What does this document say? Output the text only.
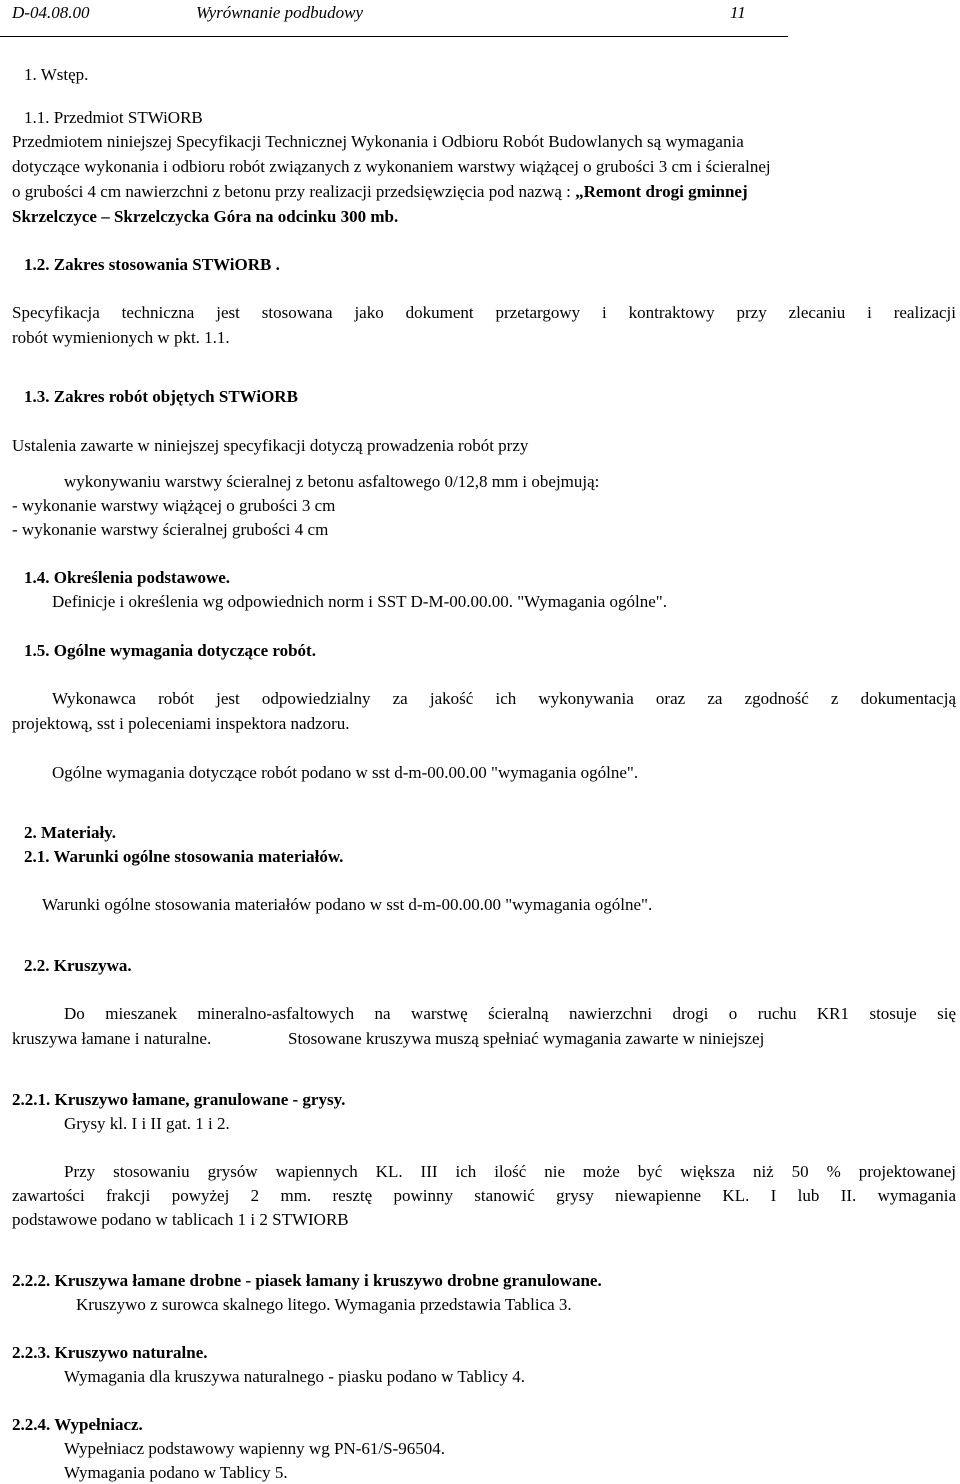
D-04.08.00	Wyrównanie podbudowy	11
1. Wstęp.
1.1. Przedmiot STWiORB
Przedmiotem niniejszej Specyfikacji Technicznej Wykonania i Odbioru Robót Budowlanych są wymagania
dotyczące wykonania i odbioru robót związanych z wykonaniem warstwy wiążącej o grubości 3 cm i ścieralnej
o grubości 4 cm nawierzchni z betonu przy realizacji przedsięwzięcia pod nazwą : „Remont drogi gminnej
Skrzelczyce – Skrzelczycka Góra na odcinku 300 mb.
1.2. Zakres stosowania STWiORB .
Specyfikacja techniczna jest stosowana jako dokument przetargowy i kontraktowy przy zlecaniu i realizacji
robót wymienionych w pkt. 1.1.
1.3. Zakres robót objętych STWiORB
Ustalenia zawarte w niniejszej specyfikacji dotyczą prowadzenia robót przy
wykonywaniu warstwy ścieralnej z betonu asfaltowego 0/12,8 mm i obejmują:
- wykonanie warstwy wiążącej o grubości 3 cm
- wykonanie warstwy ścieralnej grubości 4 cm
1.4. Określenia podstawowe.
Definicje i określenia wg odpowiednich norm i SST D-M-00.00.00. "Wymagania ogólne".
1.5. Ogólne wymagania dotyczące robót.
Wykonawca robót jest odpowiedzialny za jakość ich wykonywania oraz za zgodność z dokumentacją
projektową, sst i poleceniami inspektora nadzoru.
Ogólne wymagania dotyczące robót podano w sst d-m-00.00.00 "wymagania ogólne".
2. Materiały.
2.1. Warunki ogólne stosowania materiałów.
Warunki ogólne stosowania materiałów podano w sst d-m-00.00.00 "wymagania ogólne".
2.2. Kruszywa.
Do mieszanek mineralno-asfaltowych na warstwę ścieralną nawierzchni drogi o ruchu KR1 stosuje się
kruszywa łamane i naturalne.	Stosowane kruszywa muszą spełniać wymagania zawarte w niniejszej
2.2.1. Kruszywo łamane, granulowane - grysy.
Grysy kl. I i II gat. 1 i 2.
Przy stosowaniu grysów wapiennych KL. III ich ilość nie może być większa niż 50 % projektowanej
zawartości frakcji powyżej 2 mm. resztę powinny stanowić grysy niewapienne KL. I lub II. wymagania
podstawowe podano w tablicach 1 i 2 STWIORB
2.2.2. Kruszywa łamane drobne - piasek łamany i kruszywo drobne granulowane.
Kruszywo z surowca skalnego litego. Wymagania przedstawia Tablica 3.
2.2.3. Kruszywo naturalne.
Wymagania dla kruszywa naturalnego - piasku podano w Tablicy 4.
2.2.4. Wypełniacz.
Wypełniacz podstawowy wapienny wg PN-61/S-96504.
Wymagania podano w Tablicy 5.
